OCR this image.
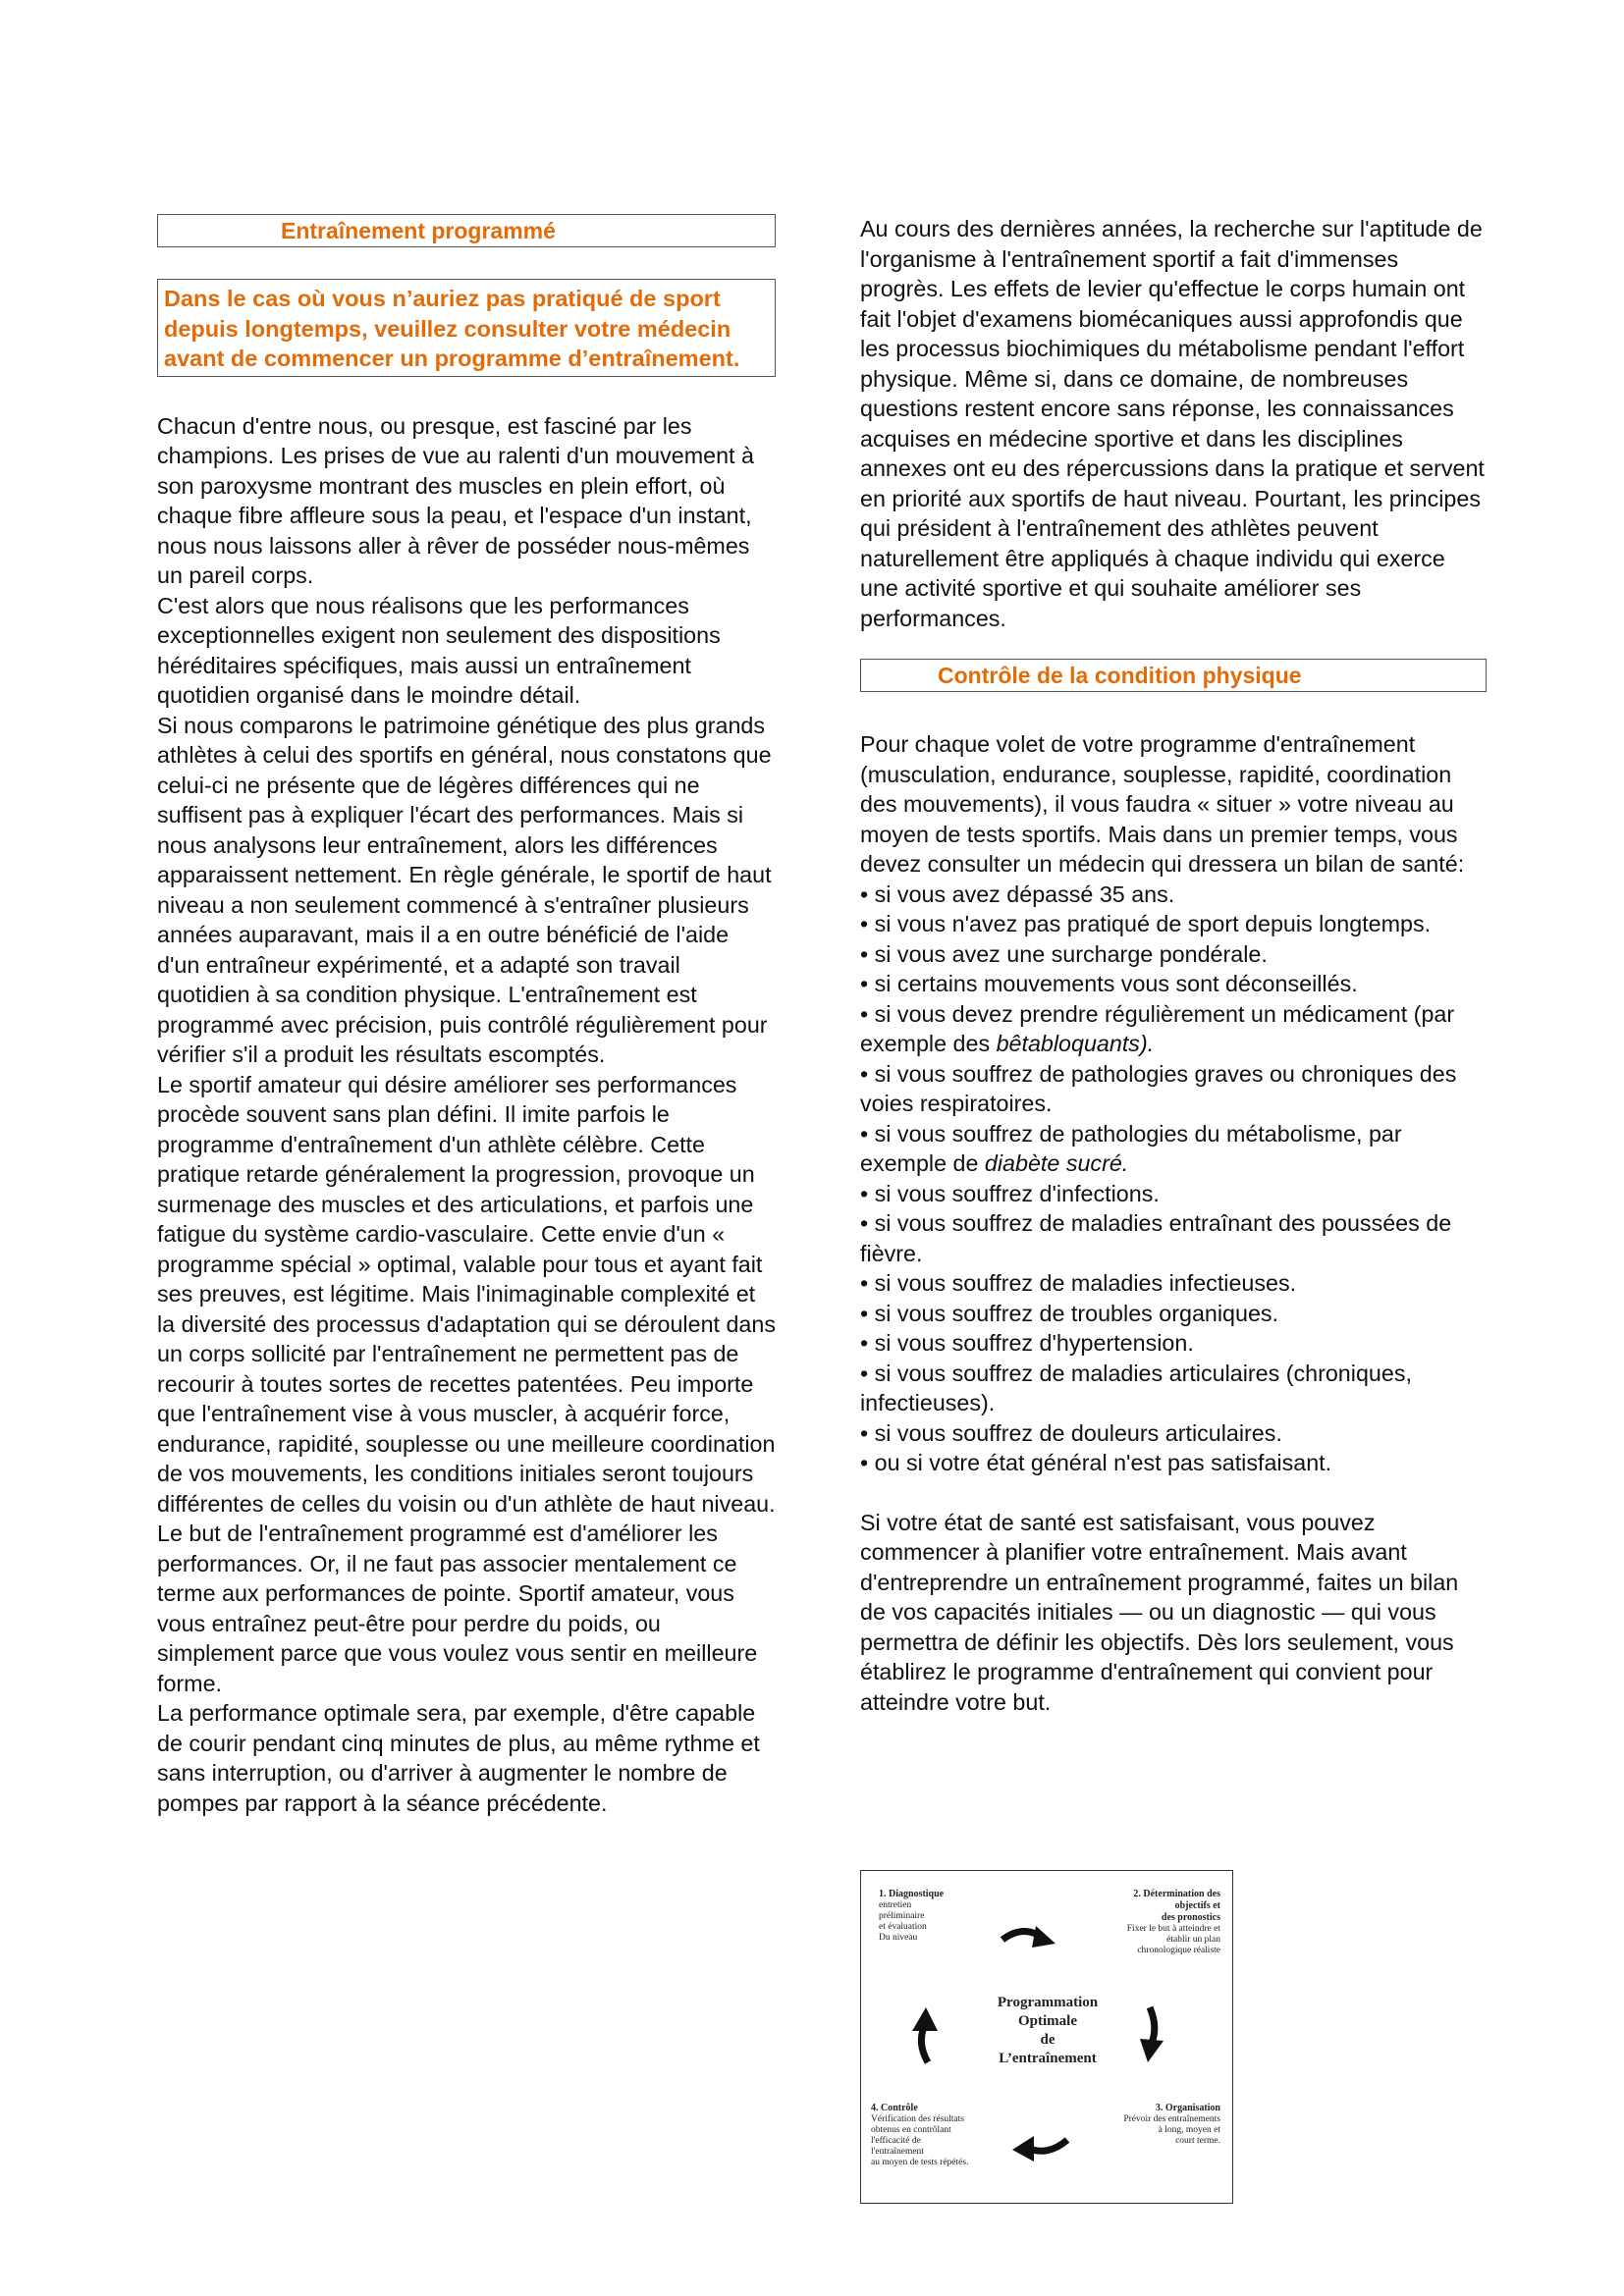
Entraînement programmé
Dans le cas où vous n’auriez pas pratiqué de sport depuis longtemps, veuillez consulter votre médecin avant de commencer un programme d’entraînement.

Chacun d'entre nous, ou presque, est fasciné par les champions. Les prises de vue au ralenti d'un mouvement à son paroxysme montrant des muscles en plein effort, où chaque fibre affleure sous la peau, et l'espace d'un instant, nous nous laissons aller à rêver de posséder nous-mêmes un pareil corps.

C'est alors que nous réalisons que les performances exceptionnelles exigent non seulement des dispositions héréditaires spécifiques, mais aussi un entraînement quotidien organisé dans le moindre détail.

Si nous comparons le patrimoine génétique des plus grands athlètes à celui des sportifs en général, nous constatons que celui-ci ne présente que de légères différences qui ne suffisent pas à expliquer l'écart des performances. Mais si nous analysons leur entraînement, alors les différences apparaissent nettement. En règle générale, le sportif de haut niveau a non seulement commencé à s'entraîner plusieurs années auparavant, mais il a en outre bénéficié de l'aide d'un entraîneur expérimenté, et a adapté son travail quotidien à sa condition physique. L'entraînement est programmé avec précision, puis contrôlé régulièrement pour vérifier s'il a produit les résultats escomptés.

Le sportif amateur qui désire améliorer ses performances procède souvent sans plan défini. Il imite parfois le programme d'entraînement d'un athlète célèbre. Cette pratique retarde généralement la progression, provoque un surmenage des muscles et des articulations, et parfois une fatigue du système cardio-vasculaire. Cette envie d'un « programme spécial » optimal, valable pour tous et ayant fait ses preuves, est légitime. Mais l'inimaginable complexité et la diversité des processus d'adaptation qui se déroulent dans un corps sollicité par l'entraînement ne permettent pas de recourir à toutes sortes de recettes patentées. Peu importe que l'entraînement vise à vous muscler, à acquérir force, endurance, rapidité, souplesse ou une meilleure coordination de vos mouvements, les conditions initiales seront toujours différentes de celles du voisin ou d'un athlète de haut niveau.

Le but de l'entraînement programmé est d'améliorer les performances. Or, il ne faut pas associer mentalement ce terme aux performances de pointe. Sportif amateur, vous vous entraînez peut-être pour perdre du poids, ou simplement parce que vous voulez vous sentir en meilleure forme.

La performance optimale sera, par exemple, d'être capable de courir pendant cinq minutes de plus, au même rythme et sans interruption, ou d'arriver à augmenter le nombre de pompes par rapport à la séance précédente.

Au cours des dernières années, la recherche sur l'aptitude de l'organisme à l'entraînement sportif a fait d'immenses progrès. Les effets de levier qu'effectue le corps humain ont fait l'objet d'examens biomécaniques aussi approfondis que les processus biochimiques du métabolisme pendant l'effort physique. Même si, dans ce domaine, de nombreuses questions restent encore sans réponse, les connaissances acquises en médecine sportive et dans les disciplines annexes ont eu des répercussions dans la pratique et servent en priorité aux sportifs de haut niveau. Pourtant, les principes qui président à l'entraînement des athlètes peuvent naturellement être appliqués à chaque individu qui exerce une activité sportive et qui souhaite améliorer ses performances.

Contrôle de la condition physique

Pour chaque volet de votre programme d'entraînement (musculation, endurance, souplesse, rapidité, coordination des mouvements), il vous faudra « situer » votre niveau au moyen de tests sportifs. Mais dans un premier temps, vous devez consulter un médecin qui dressera un bilan de santé:

• si vous avez dépassé 35 ans.

• si vous n'avez pas pratiqué de sport depuis longtemps.

• si vous avez une surcharge pondérale.

• si certains mouvements vous sont déconseillés.

• si vous devez prendre régulièrement un médicament (par exemple des bêtabloquants).

• si vous souffrez de pathologies graves ou chroniques des voies respiratoires.

• si vous souffrez de pathologies du métabolisme, par exemple de diabète sucré.

• si vous souffrez d'infections.

• si vous souffrez de maladies entraînant des poussées de fièvre.

• si vous souffrez de maladies infectieuses.

• si vous souffrez de troubles organiques.

• si vous souffrez d'hypertension.

• si vous souffrez de maladies articulaires (chroniques, infectieuses).

• si vous souffrez de douleurs articulaires.

• ou si votre état général n'est pas satisfaisant.

Si votre état de santé est satisfaisant, vous pouvez commencer à planifier votre entraînement. Mais avant d'entreprendre un entraînement programmé, faites un bilan de vos capacités initiales — ou un diagnostic — qui vous permettra de définir les objectifs. Dès lors seulement, vous établirez le programme d'entraînement qui convient pour atteindre votre but.

1. Diagnostique
entretien
préliminaire
et évaluation
Du niveau
2. Détermination des
objectifs et
des pronostics
Fixer le but à atteindre et
établir un plan
chronologique réaliste
Programmation
Optimale
de
L’entraînement
3. Organisation
Prévoir des entraînements
à long, moyen et
court terme.
4. Contrôle
Vérification des résultats
obtenus en contrôlant
l'efficacité de
l'entraînement
au moyen de tests répétés.
